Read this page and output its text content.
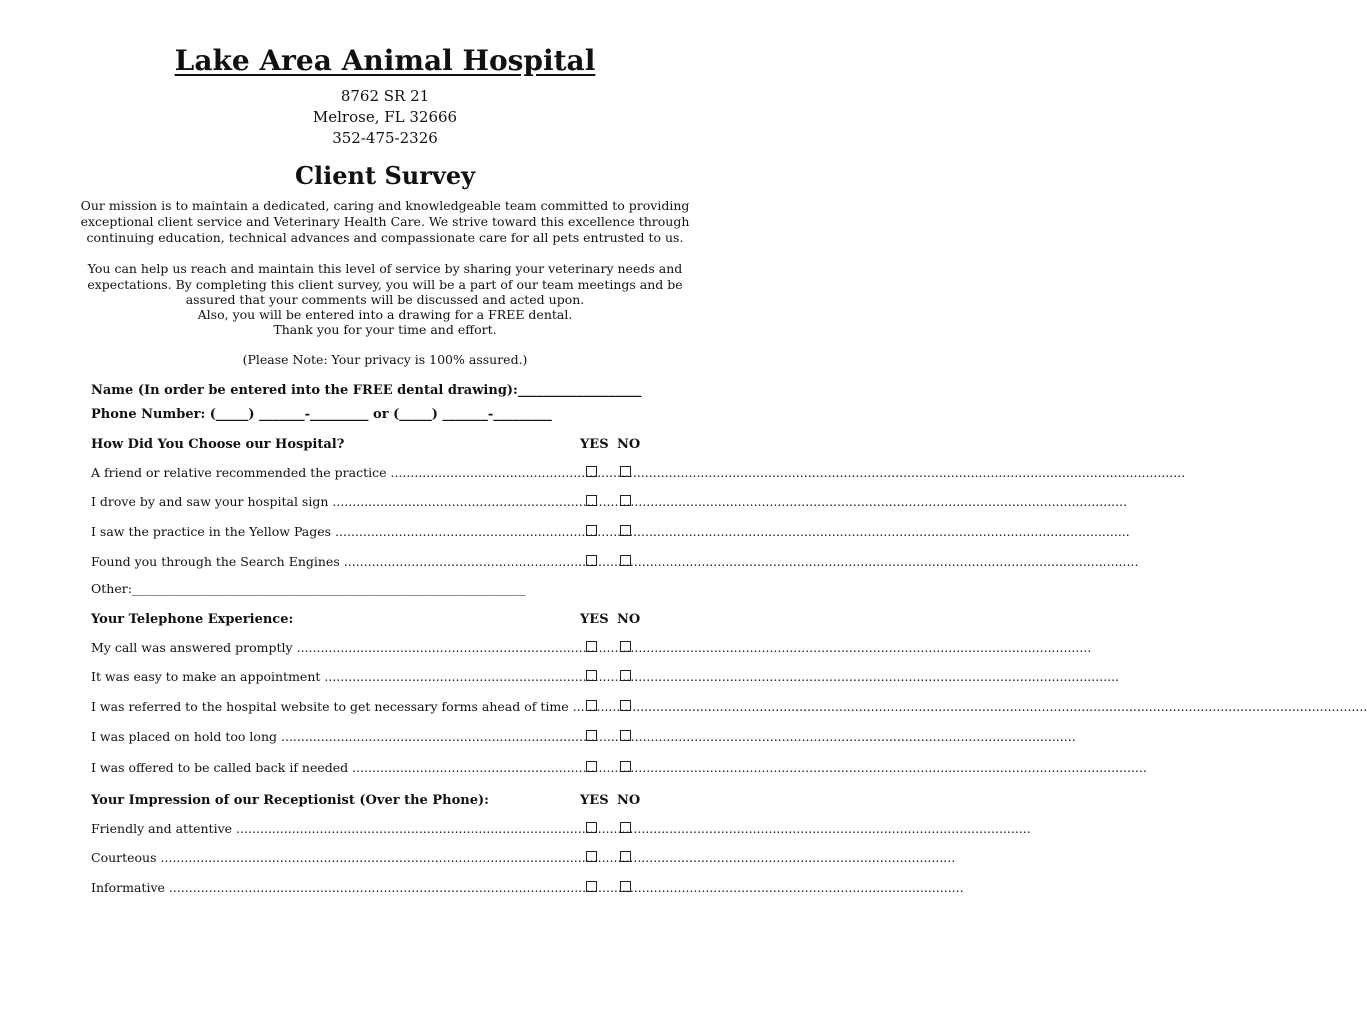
Lake Area Animal Hospital
8762 SR 21
Melrose, FL 32666
352-475-2326
Client Survey
Our mission is to maintain a dedicated, caring and knowledgeable team committed to providing
exceptional client service and Veterinary Health Care. We strive toward this excellence through
continuing education, technical advances and compassionate care for all pets entrusted to us.
You can help us reach and maintain this level of service by sharing your veterinary needs and
expectations. By completing this client survey, you will be a part of our team meetings and be
assured that your comments will be discussed and acted upon.
Also, you will be entered into a drawing for a FREE dental.
Thank you for your time and effort.
(Please Note: Your privacy is 100% assured.)
Name (In order be entered into the FREE dental drawing):___________________
Phone Number: (_____) _______-_________ or (_____) _______-_________
How Did You Choose our Hospital?	YES NO
A friend or relative recommended the practice ........................................................................................................................................................................................................
I drove by and saw your hospital sign ........................................................................................................................................................................................................
I saw the practice in the Yellow Pages ........................................................................................................................................................................................................
Found you through the Search Engines ........................................................................................................................................................................................................
Other:_______________________________________________________________
Your Telephone Experience:	YES NO
My call was answered promptly ........................................................................................................................................................................................................
It was easy to make an appointment ........................................................................................................................................................................................................
I was referred to the hospital website to get necessary forms ahead of time ........................................................................................................................................................................................................
I was placed on hold too long ........................................................................................................................................................................................................
I was offered to be called back if needed ........................................................................................................................................................................................................
Your Impression of our Receptionist (Over the Phone):	YES NO
Friendly and attentive ........................................................................................................................................................................................................
Courteous ........................................................................................................................................................................................................
Informative ........................................................................................................................................................................................................
